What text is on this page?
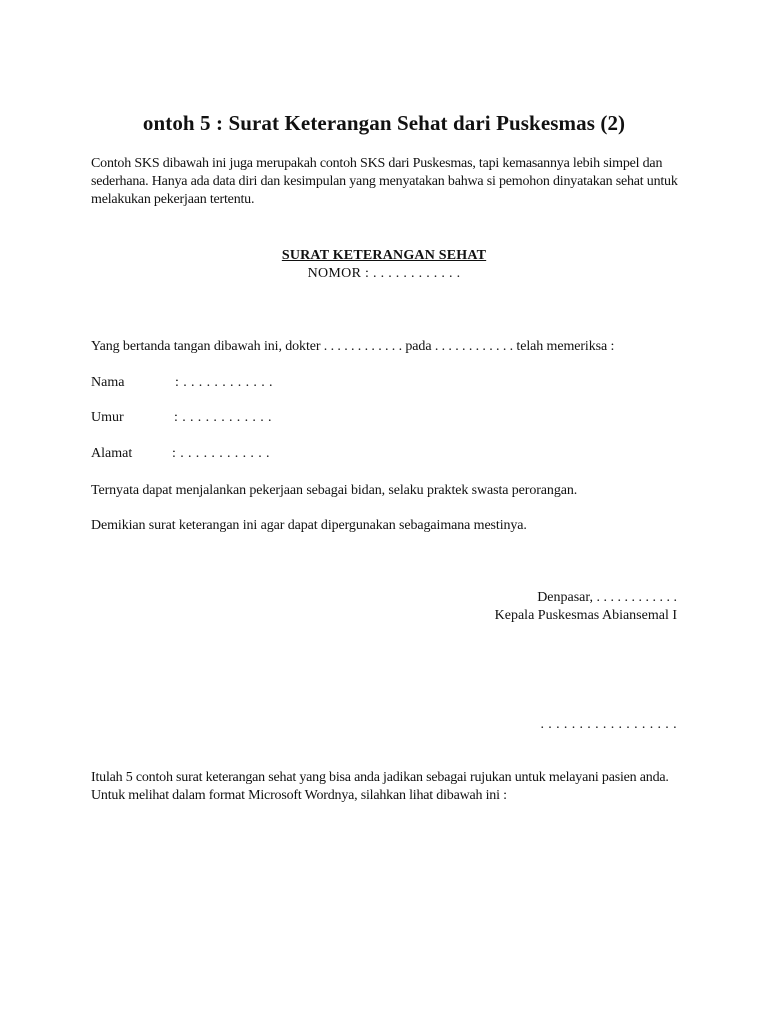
ontoh 5 : Surat Keterangan Sehat dari Puskesmas (2)
Contoh SKS dibawah ini juga merupakah contoh SKS dari Puskesmas, tapi kemasannya lebih simpel dan sederhana. Hanya ada data diri dan kesimpulan yang menyatakan bahwa si pemohon dinyatakan sehat untuk melakukan pekerjaan tertentu.
SURAT KETERANGAN SEHAT
NOMOR : . . . . . . . . . . . .
Yang bertanda tangan dibawah ini, dokter . . . . . . . . . . . . pada . . . . . . . . . . . . telah memeriksa :
Nama	: . . . . . . . . . . . .
Umur	: . . . . . . . . . . . .
Alamat	: . . . . . . . . . . . .
Ternyata dapat menjalankan pekerjaan sebagai bidan, selaku praktek swasta perorangan.
Demikian surat keterangan ini agar dapat dipergunakan sebagaimana mestinya.
Denpasar, . . . . . . . . . . . .
Kepala Puskesmas Abiansemal I
. . . . . . . . . . . . . . . . . .
Itulah 5 contoh surat keterangan sehat yang bisa anda jadikan sebagai rujukan untuk melayani pasien anda. Untuk melihat dalam format Microsoft Wordnya, silahkan lihat dibawah ini :
